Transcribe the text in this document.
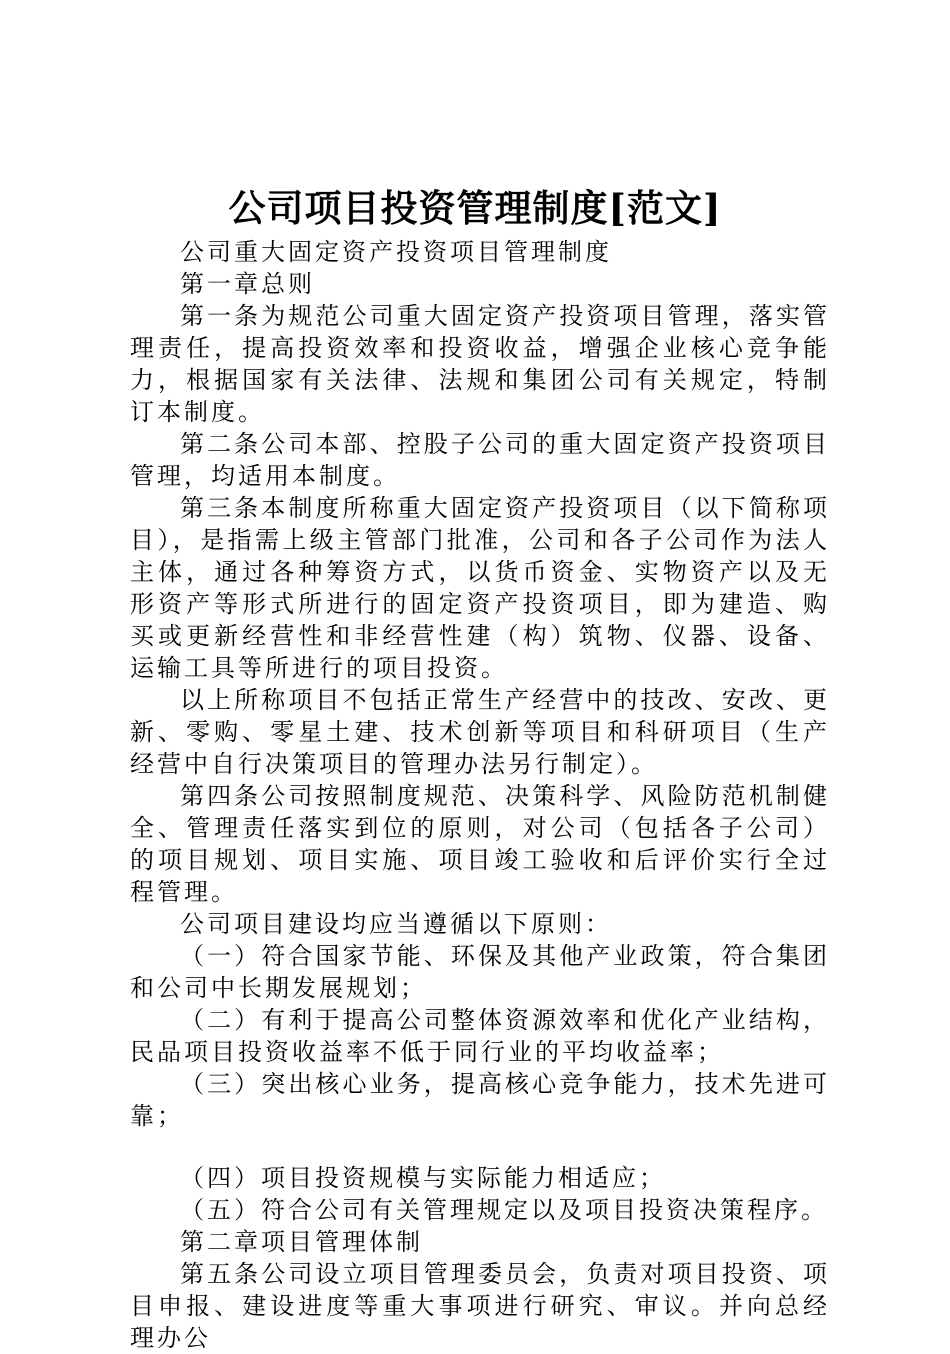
公司项目投资管理制度[范文]

公司重大固定资产投资项目管理制度

第一章总则

第一条为规范公司重大固定资产投资项目管理，落实管理责任，提高投资效率和投资收益，增强企业核心竞争能力，根据国家有关法律、法规和集团公司有关规定，特制订本制度。

第二条公司本部、控股子公司的重大固定资产投资项目管理，均适用本制度。

第三条本制度所称重大固定资产投资项目（以下简称项目），是指需上级主管部门批准，公司和各子公司作为法人主体，通过各种筹资方式，以货币资金、实物资产以及无形资产等形式所进行的固定资产投资项目，即为建造、购买或更新经营性和非经营性建（构）筑物、仪器、设备、运输工具等所进行的项目投资。

以上所称项目不包括正常生产经营中的技改、安改、更新、零购、零星土建、技术创新等项目和科研项目（生产经营中自行决策项目的管理办法另行制定）。

第四条公司按照制度规范、决策科学、风险防范机制健全、管理责任落实到位的原则，对公司（包括各子公司）的项目规划、项目实施、项目竣工验收和后评价实行全过程管理。

公司项目建设均应当遵循以下原则：

（一）符合国家节能、环保及其他产业政策，符合集团和公司中长期发展规划；

（二）有利于提高公司整体资源效率和优化产业结构，民品项目投资收益率不低于同行业的平均收益率；

（三）突出核心业务，提高核心竞争能力，技术先进可靠；

（四）项目投资规模与实际能力相适应；

（五）符合公司有关管理规定以及项目投资决策程序。

第二章项目管理体制

第五条公司设立项目管理委员会，负责对项目投资、项目申报、建设进度等重大事项进行研究、审议。并向总经理办公
